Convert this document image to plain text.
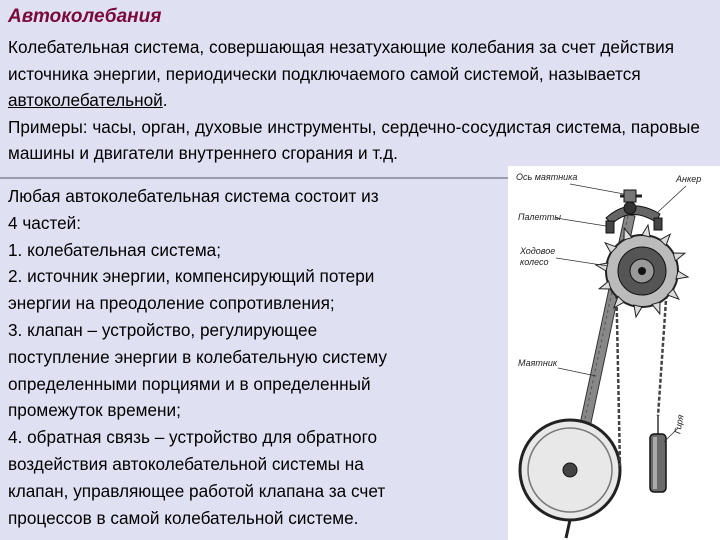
Автоколебания

Колебательная система, совершающая незатухающие колебания за счет действия источника энергии, периодически подключаемого самой системой, называется автоколебательной.

Примеры: часы, орган, духовые инструменты, сердечно-сосудистая система, паровые машины и двигатели внутреннего сгорания и т.д.

Любая автоколебательная система состоит из
4 частей:
1. колебательная система;
2. источник энергии, компенсирующий потери
энергии на преодоление сопротивления;
3. клапан – устройство, регулирующее
поступление энергии в колебательную систему
определенными порциями и в определенный
промежуток времени;
4. обратная связь – устройство для обратного
воздействия автоколебательной системы на
клапан, управляющее работой клапана за счет
процессов в самой колебательной системе.
Ось маятника	Анкер
Палетты
Ходовое
колесо
Маятник
Гиря
